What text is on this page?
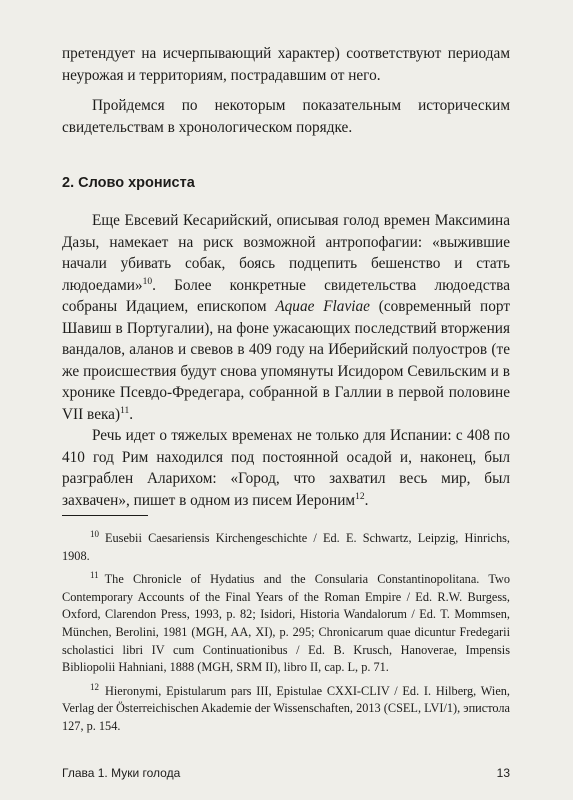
претендует на исчерпывающий характер) соответствуют периодам неурожая и территориям, пострадавшим от него.

Пройдемся по некоторым показательным историческим свидетельствам в хронологическом порядке.

2. Слово хрониста

Еще Евсевий Кесарийский, описывая голод времен Максимина Дазы, намекает на риск возможной антропофагии: «выжившие начали убивать собак, боясь подцепить бешенство и стать людоедами»$^{10}$. Более конкретные свидетельства людоедства собраны Идацием, епископом Aquae Flaviae (современный порт Шавиш в Португалии), на фоне ужасающих последствий вторжения вандалов, аланов и свевов в 409 году на Иберийский полуостров (те же происшествия будут снова упомянуты Исидором Севильским и в хронике Псевдо-Фредегара, собранной в Галлии в первой половине VII века)$^{11}$.

Речь идет о тяжелых временах не только для Испании: с 408 по 410 год Рим находился под постоянной осадой и, наконец, был разграблен Аларихом: «Город, что захватил весь мир, был захвачен», пишет в одном из писем Иероним$^{12}$.

$^{10}$ Eusebii Caesariensis Kirchengeschichte / Ed. E. Schwartz, Leipzig, Hinrichs, 1908.

$^{11}$ The Chronicle of Hydatius and the Consularia Constantinopolitana. Two Contemporary Accounts of the Final Years of the Roman Empire / Ed. R.W. Burgess, Oxford, Clarendon Press, 1993, p. 82; Isidori, Historia Wandalorum / Ed. T. Mommsen, München, Berolini, 1981 (MGH, AA, XI), p. 295; Chronicarum quae dicuntur Fredegarii scholastici libri IV cum Continuationibus / Ed. B. Krusch, Hanoverae, Impensis Bibliopolii Hahniani, 1888 (MGH, SRM II), libro II, cap. L, p. 71.

$^{12}$ Hieronymi, Epistularum pars III, Epistulae CXXI-CLIV / Ed. I. Hilberg, Wien, Verlag der Österreichischen Akademie der Wissenschaften, 2013 (CSEL, LVI/1), эпистола 127, p. 154.

Глава 1. Муки голода	13
